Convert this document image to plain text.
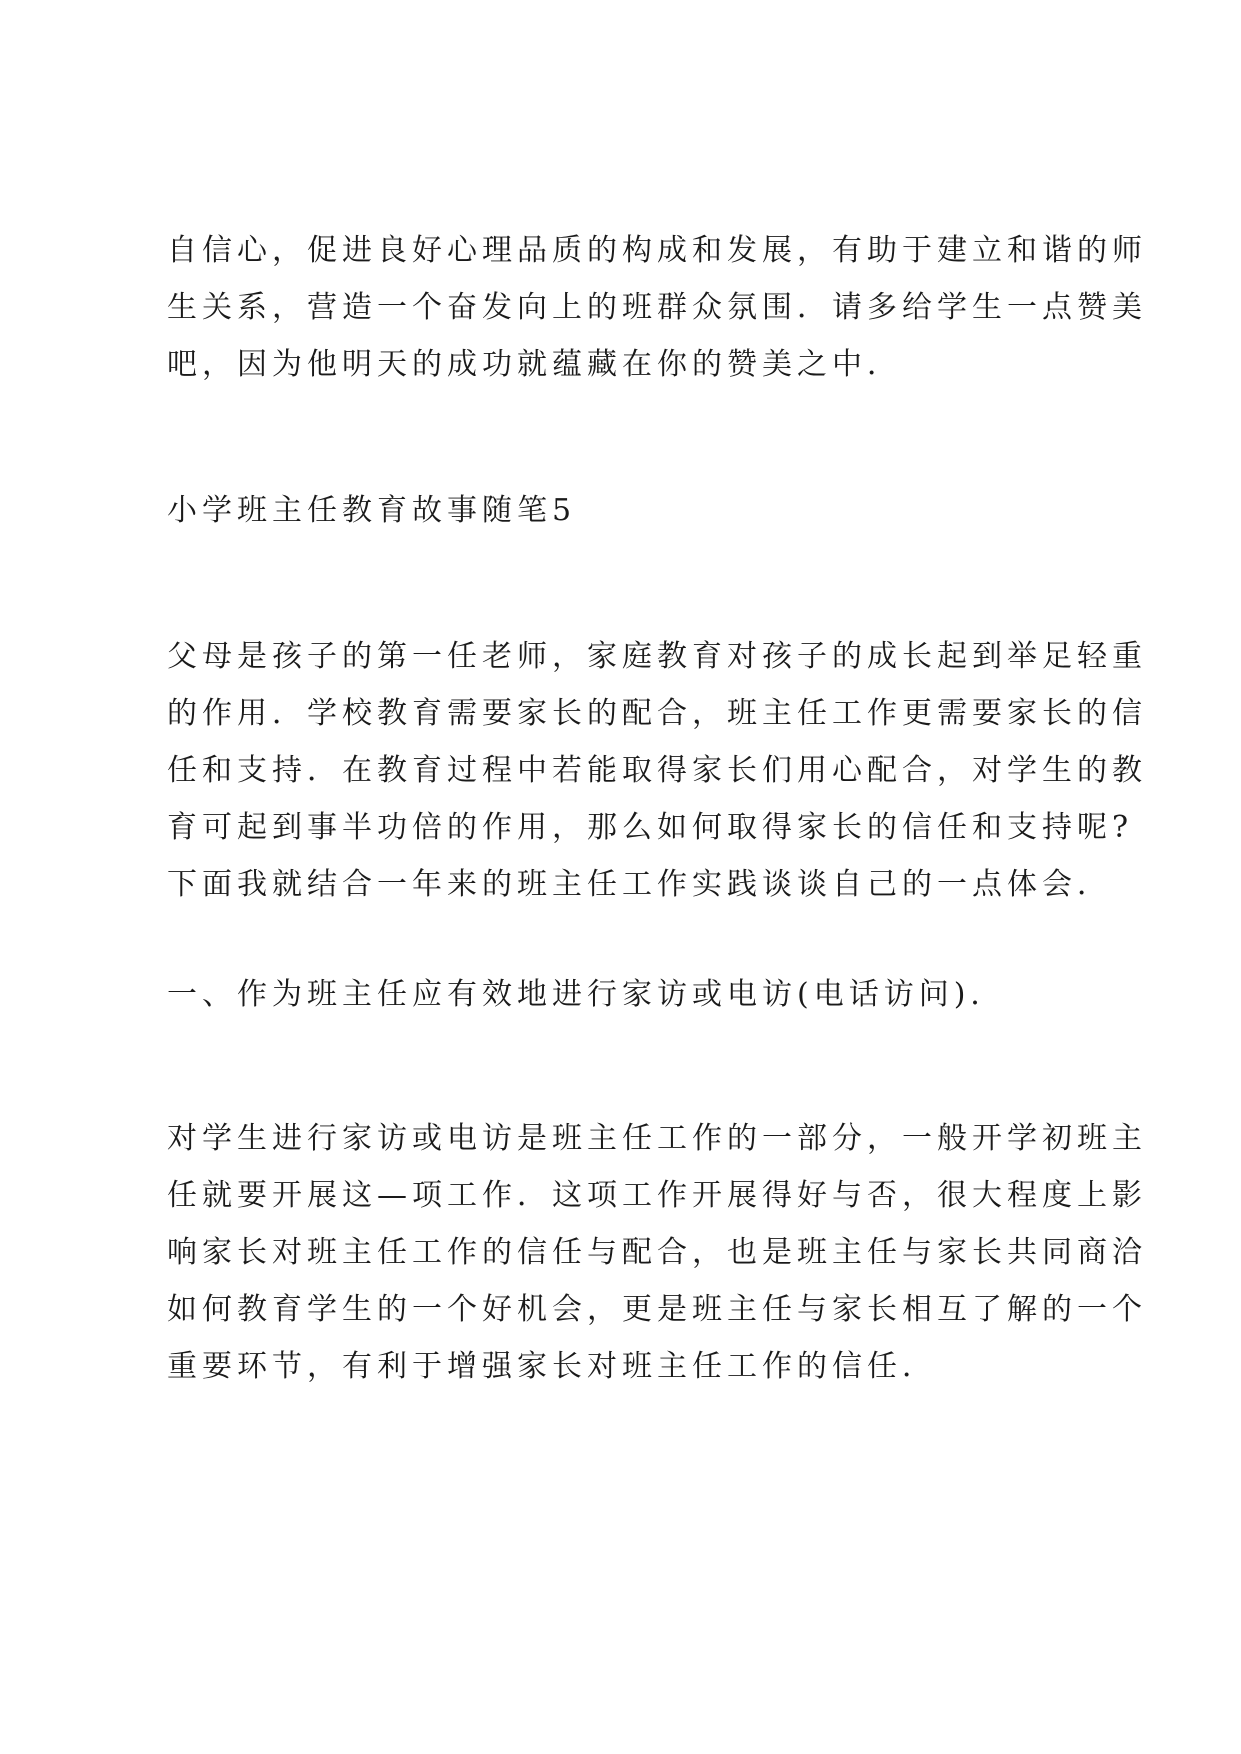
自信心，促进良好心理品质的构成和发展，有助于建立和谐的师
生关系，营造一个奋发向上的班群众氛围．请多给学生一点赞美
吧，因为他明天的成功就蕴藏在你的赞美之中．
小学班主任教育故事随笔5
父母是孩子的第一任老师，家庭教育对孩子的成长起到举足轻重
的作用．学校教育需要家长的配合，班主任工作更需要家长的信
任和支持．在教育过程中若能取得家长们用心配合，对学生的教
育可起到事半功倍的作用，那么如何取得家长的信任和支持呢?
下面我就结合一年来的班主任工作实践谈谈自己的一点体会．
一、作为班主任应有效地进行家访或电访(电话访问)．
对学生进行家访或电访是班主任工作的一部分，一般开学初班主
任就要开展这—项工作．这项工作开展得好与否，很大程度上影
响家长对班主任工作的信任与配合，也是班主任与家长共同商洽
如何教育学生的一个好机会，更是班主任与家长相互了解的一个
重要环节，有利于增强家长对班主任工作的信任．
